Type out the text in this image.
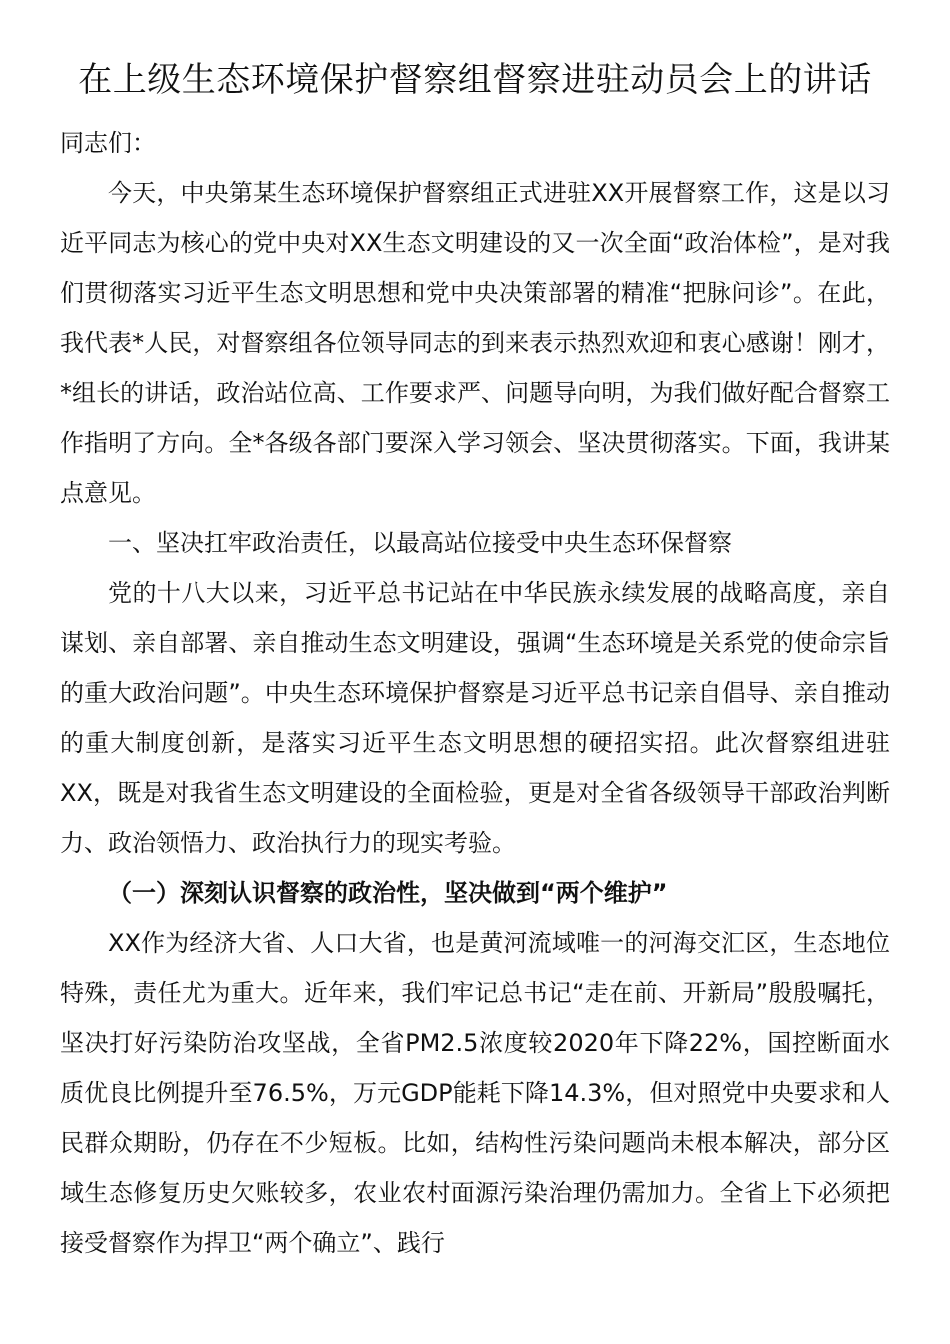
在上级生态环境保护督察组督察进驻动员会上的讲话

同志们：

今天，中央第某生态环境保护督察组正式进驻XX开展督察工作，这是以习近平同志为核心的党中央对XX生态文明建设的又一次全面“政治体检”，是对我们贯彻落实习近平生态文明思想和党中央决策部署的精准“把脉问诊”。在此，我代表*人民，对督察组各位领导同志的到来表示热烈欢迎和衷心感谢！刚才，*组长的讲话，政治站位高、工作要求严、问题导向明，为我们做好配合督察工作指明了方向。全*各级各部门要深入学习领会、坚决贯彻落实。下面，我讲某点意见。

一、坚决扛牢政治责任，以最高站位接受中央生态环保督察

党的十八大以来，习近平总书记站在中华民族永续发展的战略高度，亲自谋划、亲自部署、亲自推动生态文明建设，强调“生态环境是关系党的使命宗旨的重大政治问题”。中央生态环境保护督察是习近平总书记亲自倡导、亲自推动的重大制度创新，是落实习近平生态文明思想的硬招实招。此次督察组进驻XX，既是对我省生态文明建设的全面检验，更是对全省各级领导干部政治判断力、政治领悟力、政治执行力的现实考验。

（一）深刻认识督察的政治性，坚决做到“两个维护”

XX作为经济大省、人口大省，也是黄河流域唯一的河海交汇区，生态地位特殊，责任尤为重大。近年来，我们牢记总书记“走在前、开新局”殷殷嘱托，坚决打好污染防治攻坚战，全省PM2.5浓度较2020年下降22%，国控断面水质优良比例提升至76.5%，万元GDP能耗下降14.3%，但对照党中央要求和人民群众期盼，仍存在不少短板。比如，结构性污染问题尚未根本解决，部分区域生态修复历史欠账较多，农业农村面源污染治理仍需加力。全省上下必须把接受督察作为捍卫“两个确立”、践行
